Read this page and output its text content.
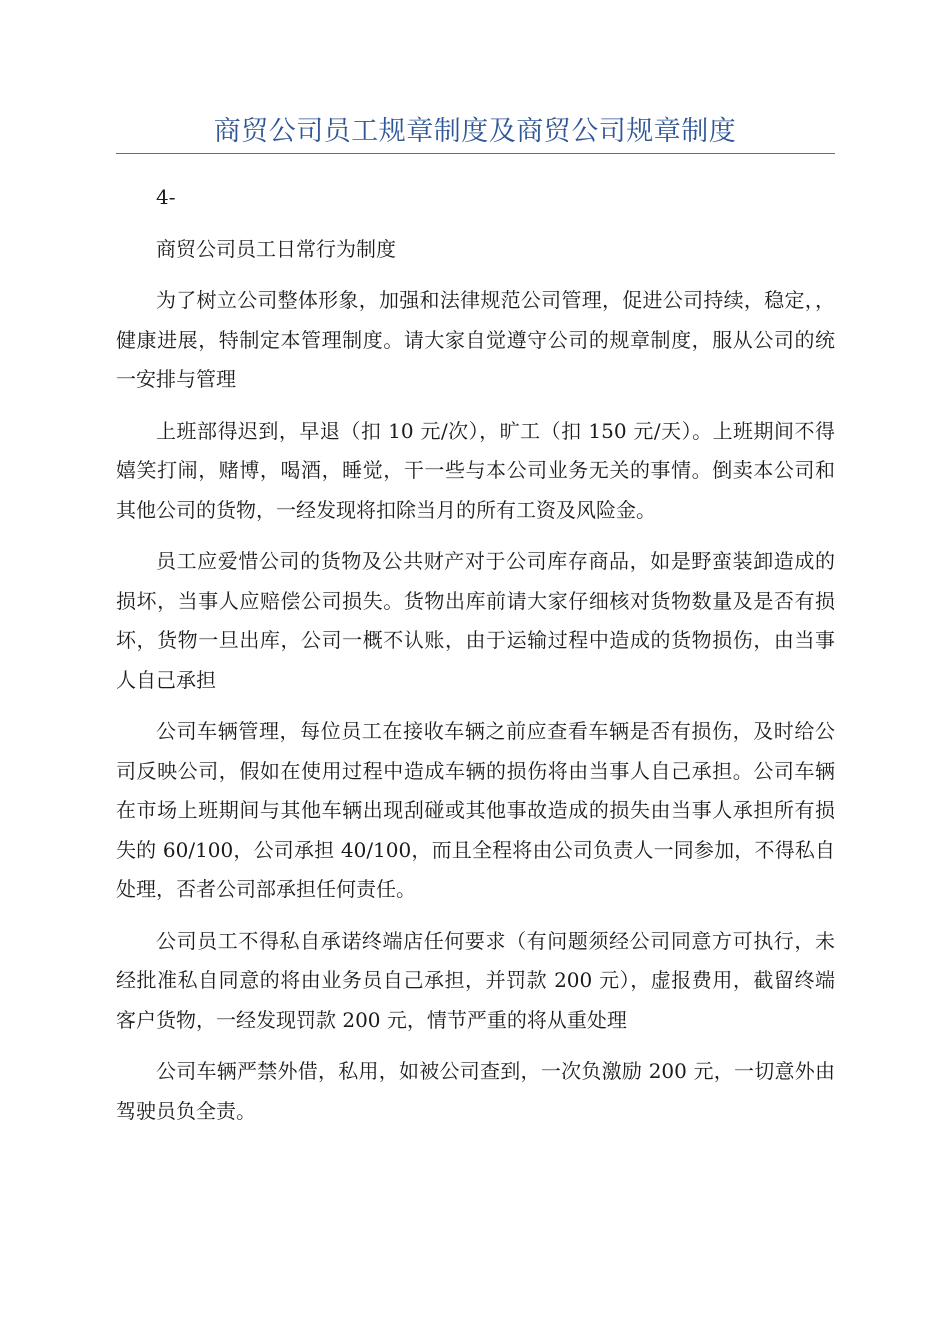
商贸公司员工规章制度及商贸公司规章制度

4-

商贸公司员工日常行为制度

为了树立公司整体形象，加强和法律规范公司管理，促进公司持续，稳定，，健康进展，特制定本管理制度。请大家自觉遵守公司的规章制度，服从公司的统一安排与管理

上班部得迟到，早退（扣 10 元/次），旷工（扣 150 元/天）。上班期间不得嬉笑打闹，赌博，喝酒，睡觉，干一些与本公司业务无关的事情。倒卖本公司和其他公司的货物，一经发现将扣除当月的所有工资及风险金。

员工应爱惜公司的货物及公共财产对于公司库存商品，如是野蛮装卸造成的损坏，当事人应赔偿公司损失。货物出库前请大家仔细核对货物数量及是否有损坏，货物一旦出库，公司一概不认账，由于运输过程中造成的货物损伤，由当事人自己承担

公司车辆管理，每位员工在接收车辆之前应查看车辆是否有损伤，及时给公司反映公司，假如在使用过程中造成车辆的损伤将由当事人自己承担。公司车辆在市场上班期间与其他车辆出现刮碰或其他事故造成的损失由当事人承担所有损失的 60/100，公司承担 40/100，而且全程将由公司负责人一同参加，不得私自处理，否者公司部承担任何责任。

公司员工不得私自承诺终端店任何要求（有问题须经公司同意方可执行，未经批准私自同意的将由业务员自己承担，并罚款 200 元），虚报费用，截留终端客户货物，一经发现罚款 200 元，情节严重的将从重处理

公司车辆严禁外借，私用，如被公司查到，一次负激励 200 元，一切意外由驾驶员负全责。
